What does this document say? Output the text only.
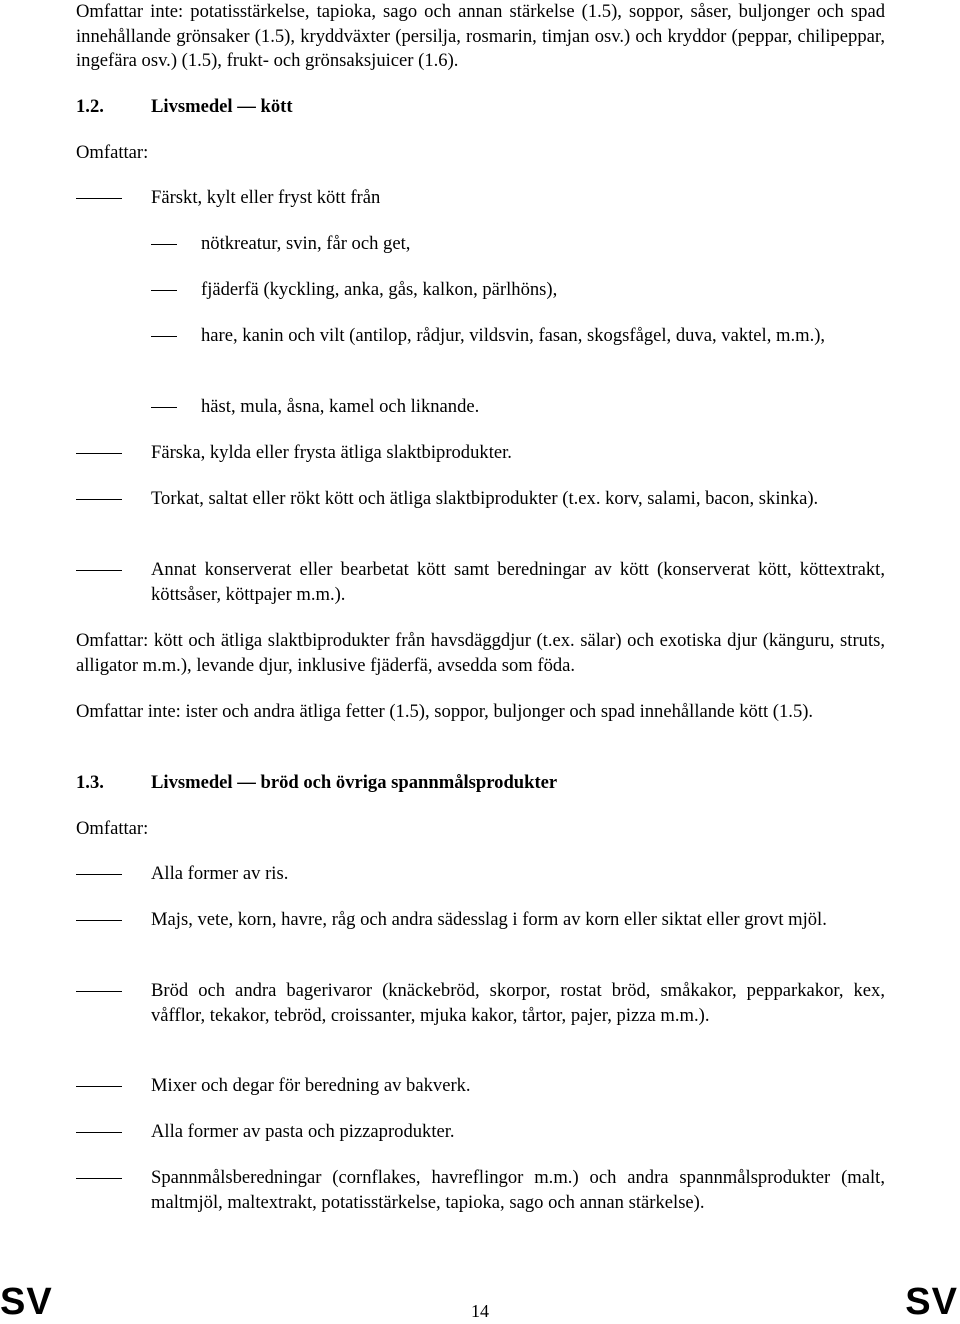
Omfattar inte: potatisstärkelse, tapioka, sago och annan stärkelse (1.5), soppor, såser, buljonger och spad innehållande grönsaker (1.5), kryddväxter (persilja, rosmarin, timjan osv.) och kryddor (peppar, chilipeppar, ingefära osv.) (1.5), frukt- och grönsaksjuicer (1.6).

1.2.	Livsmedel — kött

Omfattar:

Färskt, kylt eller fryst kött från

nötkreatur, svin, får och get,

fjäderfä (kyckling, anka, gås, kalkon, pärlhöns),

hare, kanin och vilt (antilop, rådjur, vildsvin, fasan, skogsfågel, duva, vaktel, m.m.),

häst, mula, åsna, kamel och liknande.

Färska, kylda eller frysta ätliga slaktbiprodukter.

Torkat, saltat eller rökt kött och ätliga slaktbiprodukter (t.ex. korv, salami, bacon, skinka).

Annat konserverat eller bearbetat kött samt beredningar av kött (konserverat kött, köttextrakt, köttsåser, köttpajer m.m.).

Omfattar: kött och ätliga slaktbiprodukter från havsdäggdjur (t.ex. sälar) och exotiska djur (känguru, struts, alligator m.m.), levande djur, inklusive fjäderfä, avsedda som föda.

Omfattar inte: ister och andra ätliga fetter (1.5), soppor, buljonger och spad innehållande kött (1.5).

1.3.	Livsmedel — bröd och övriga spannmålsprodukter

Omfattar:

Alla former av ris.

Majs, vete, korn, havre, råg och andra sädesslag i form av korn eller siktat eller grovt mjöl.

Bröd och andra bagerivaror (knäckebröd, skorpor, rostat bröd, småkakor, pepparkakor, kex, våfflor, tekakor, tebröd, croissanter, mjuka kakor, tårtor, pajer, pizza m.m.).

Mixer och degar för beredning av bakverk.

Alla former av pasta och pizzaprodukter.

Spannmålsberedningar (cornflakes, havreflingor m.m.) och andra spannmålsprodukter (malt, maltmjöl, maltextrakt, potatisstärkelse, tapioka, sago och annan stärkelse).

SV	14	SV
